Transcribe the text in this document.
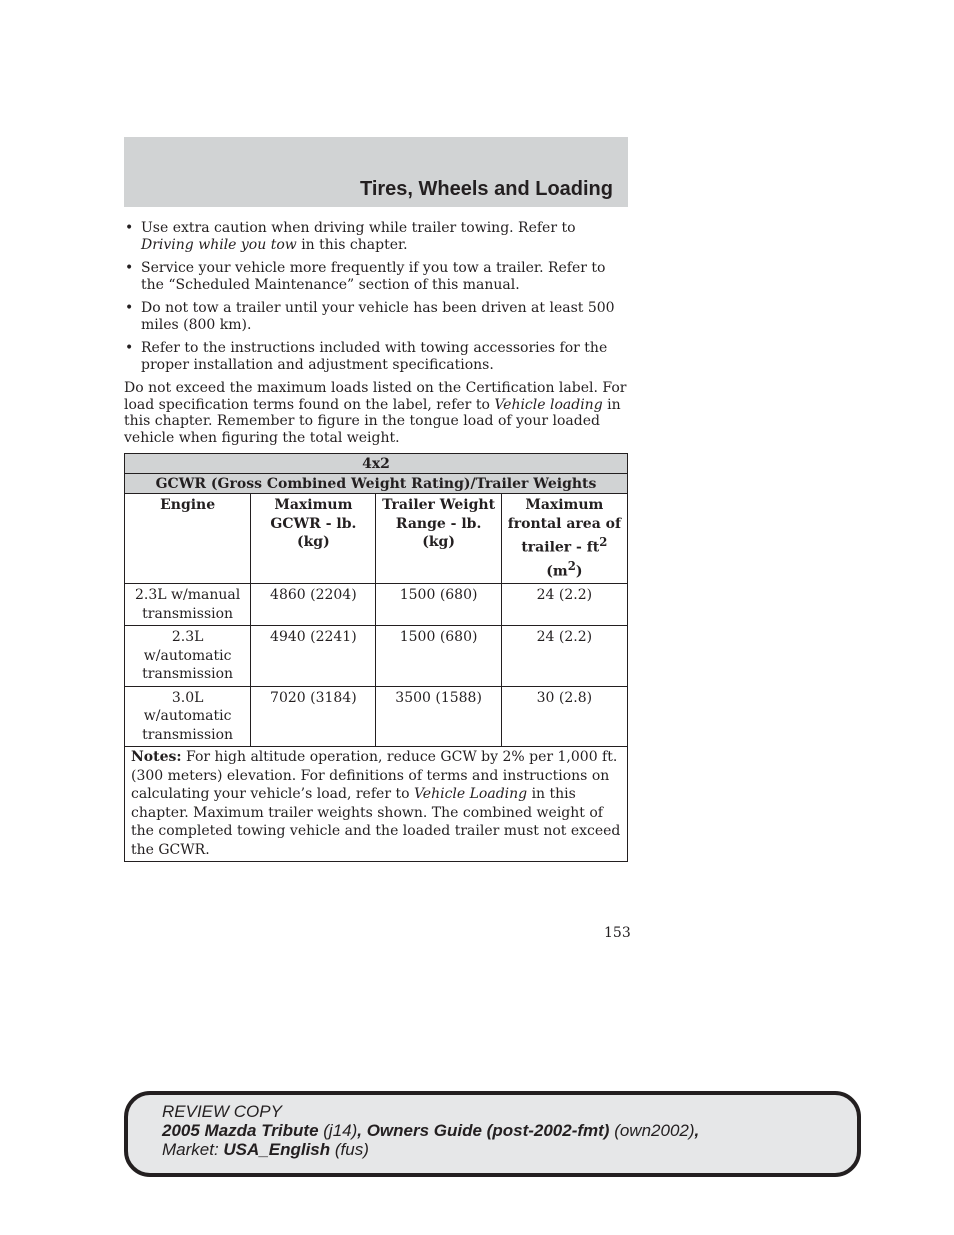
Tires, Wheels and Loading
• Use extra caution when driving while trailer towing. Refer to Driving while you tow in this chapter.
• Service your vehicle more frequently if you tow a trailer. Refer to the “Scheduled Maintenance” section of this manual.
• Do not tow a trailer until your vehicle has been driven at least 500 miles (800 km).
• Refer to the instructions included with towing accessories for the proper installation and adjustment specifications.

Do not exceed the maximum loads listed on the Certification label. For load specification terms found on the label, refer to Vehicle loading in this chapter. Remember to figure in the tongue load of your loaded vehicle when figuring the total weight.

4x2			
GCWR (Gross Combined Weight Rating)/Trailer Weights			
Engine	Maximum GCWR - lb. (kg)	Trailer Weight Range - lb. (kg)	Maximum frontal area of trailer - $ft^2$
$(m^2)$
2.3L w/manual transmission	4860 (2204)	1500 (680)	24 (2.2)
2.3L w/automatic transmission	4940 (2241)	1500 (680)	24 (2.2)
3.0L w/automatic transmission	7020 (3184)	3500 (1588)	30 (2.8)
Notes: For high altitude operation, reduce GCW by 2% per 1,000 ft. (300 meters) elevation. For definitions of terms and instructions on calculating your vehicle’s load, refer to Vehicle Loading in this chapter. Maximum trailer weights shown. The combined weight of the completed towing vehicle and the loaded trailer must not exceed the GCWR.			
153
REVIEW COPY
2005 Mazda Tribute (j14), Owners Guide (post-2002-fmt) (own2002),
Market: USA_English (fus)
